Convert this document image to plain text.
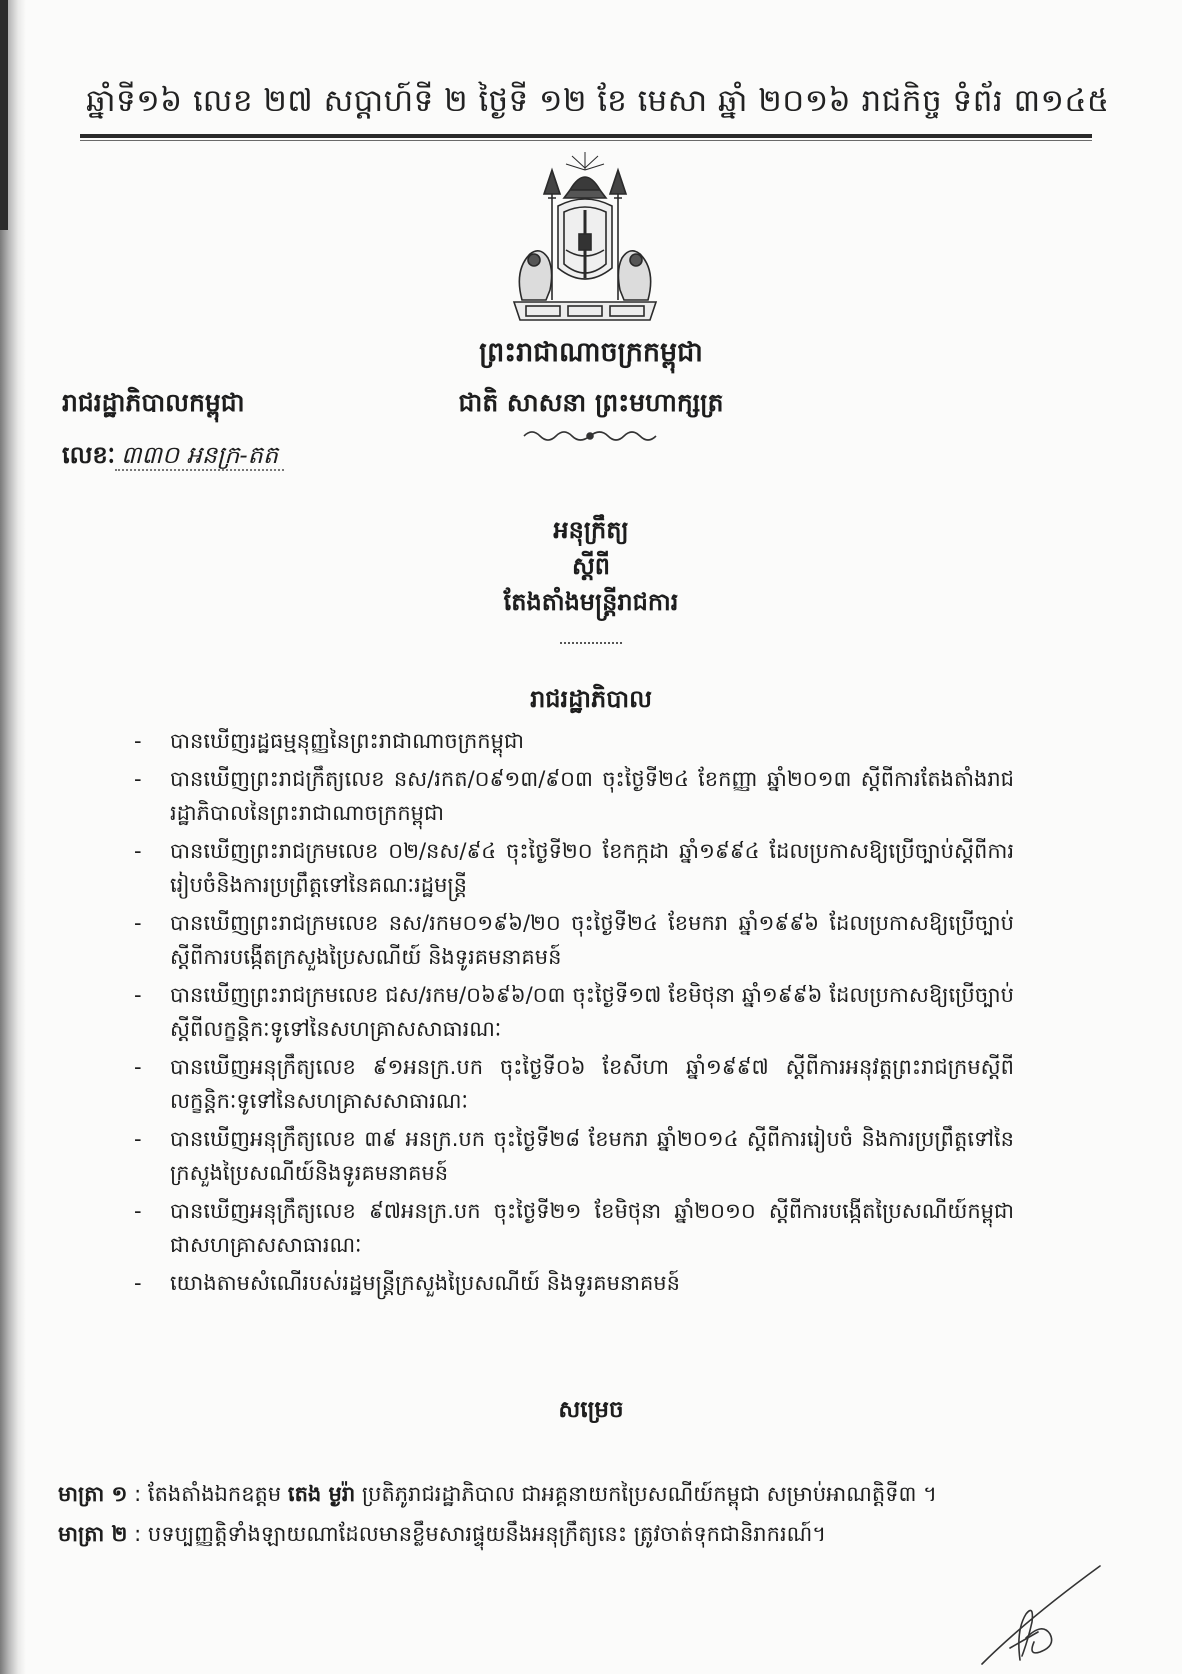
ឆ្នាំទី១៦ លេខ ២៧ សប្ដាហ៍ទី ២ ថ្ងៃទី ១២ ខែ មេសា ឆ្នាំ ២០១៦ រាជកិច្ច ទំព័រ ៣១៤៥
ព្រះរាជាណាចក្រកម្ពុជា
ជាតិ សាសនា ព្រះមហាក្សត្រ
រាជរដ្ឋាភិបាលកម្ពុជា
លេខៈ ៣៣០ អនក្រ-តត
អនុក្រឹត្យ
ស្ដីពី
តែងតាំងមន្ត្រីរាជការ
រាជរដ្ឋាភិបាល
-	បានឃើញរដ្ឋធម្មនុញ្ញនៃព្រះរាជាណាចក្រកម្ពុជា
-	បានឃើញព្រះរាជក្រឹត្យលេខ នស/រកត/០៩១៣/៩០៣ ចុះថ្ងៃទី២៤ ខែកញ្ញា ឆ្នាំ២០១៣ ស្ដីពីការតែងតាំងរាជរដ្ឋាភិបាលនៃព្រះរាជាណាចក្រកម្ពុជា
-	បានឃើញព្រះរាជក្រមលេខ ០២/នស/៩៤ ចុះថ្ងៃទី២០ ខែកក្កដា ឆ្នាំ១៩៩៤ ដែលប្រកាសឱ្យប្រើច្បាប់ស្ដីពីការរៀបចំនិងការប្រព្រឹត្តទៅនៃគណៈរដ្ឋមន្ត្រី
-	បានឃើញព្រះរាជក្រមលេខ នស/រកម០១៩៦/២០ ចុះថ្ងៃទី២៤ ខែមករា ឆ្នាំ១៩៩៦ ដែលប្រកាសឱ្យប្រើច្បាប់ស្ដីពីការបង្កើតក្រសួងប្រៃសណីយ៍ និងទូរគមនាគមន៍
-	បានឃើញព្រះរាជក្រមលេខ ជស/រកម/០៦៩៦/០៣ ចុះថ្ងៃទី១៧ ខែមិថុនា ឆ្នាំ១៩៩៦ ដែលប្រកាសឱ្យប្រើច្បាប់ស្ដីពីលក្ខន្តិកៈទូទៅនៃសហគ្រាសសាធារណៈ
-	បានឃើញអនុក្រឹត្យលេខ ៩១អនក្រ.បក ចុះថ្ងៃទី០៦ ខែសីហា ឆ្នាំ១៩៩៧ ស្ដីពីការអនុវត្តព្រះរាជក្រមស្ដីពីលក្ខន្តិកៈទូទៅនៃសហគ្រាសសាធារណៈ
-	បានឃើញអនុក្រឹត្យលេខ ៣៩ អនក្រ.បក ចុះថ្ងៃទី២៨ ខែមករា ឆ្នាំ២០១៤ ស្ដីពីការរៀបចំ និងការប្រព្រឹត្តទៅនៃក្រសួងប្រៃសណីយ៍និងទូរគមនាគមន៍
-	បានឃើញអនុក្រឹត្យលេខ ៩៧អនក្រ.បក ចុះថ្ងៃទី២១ ខែមិថុនា ឆ្នាំ២០១០ ស្ដីពីការបង្កើតប្រៃសណីយ៍កម្ពុជាជាសហគ្រាសសាធារណៈ
-	យោងតាមសំណើរបស់រដ្ឋមន្ត្រីក្រសួងប្រៃសណីយ៍ និងទូរគមនាគមន៍
សម្រេច
មាត្រា ១ : តែងតាំងឯកឧត្ដម តេង ម្ងរ៉ា ប្រតិភូរាជរដ្ឋាភិបាល ជាអគ្គនាយកប្រៃសណីយ៍កម្ពុជា សម្រាប់អាណត្តិទី៣ ។
មាត្រា ២ : បទប្បញ្ញត្តិទាំងឡាយណាដែលមានខ្លឹមសារផ្ទុយនឹងអនុក្រឹត្យនេះ ត្រូវចាត់ទុកជានិរាករណ៍។
